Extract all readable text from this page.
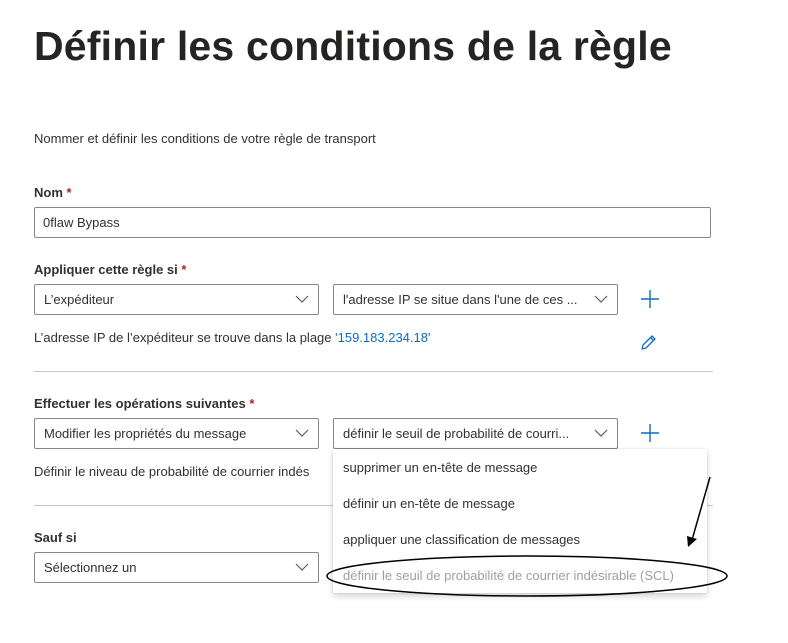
Définir les conditions de la règle
Nommer et définir les conditions de votre règle de transport
Nom *
0flaw Bypass
Appliquer cette règle si *
L’expéditeur	l'adresse IP se situe dans l'une de ces ...
L’adresse IP de l’expéditeur se trouve dans la plage '159.183.234.18'
Effectuer les opérations suivantes *
Modifier les propriétés du message	définir le seuil de probabilité de courri...
Définir le niveau de probabilité de courrier indés
Sauf si
Sélectionnez un
supprimer un en-tête de message
définir un en-tête de message
appliquer une classification de messages
définir le seuil de probabilité de courrier indésirable (SCL)
